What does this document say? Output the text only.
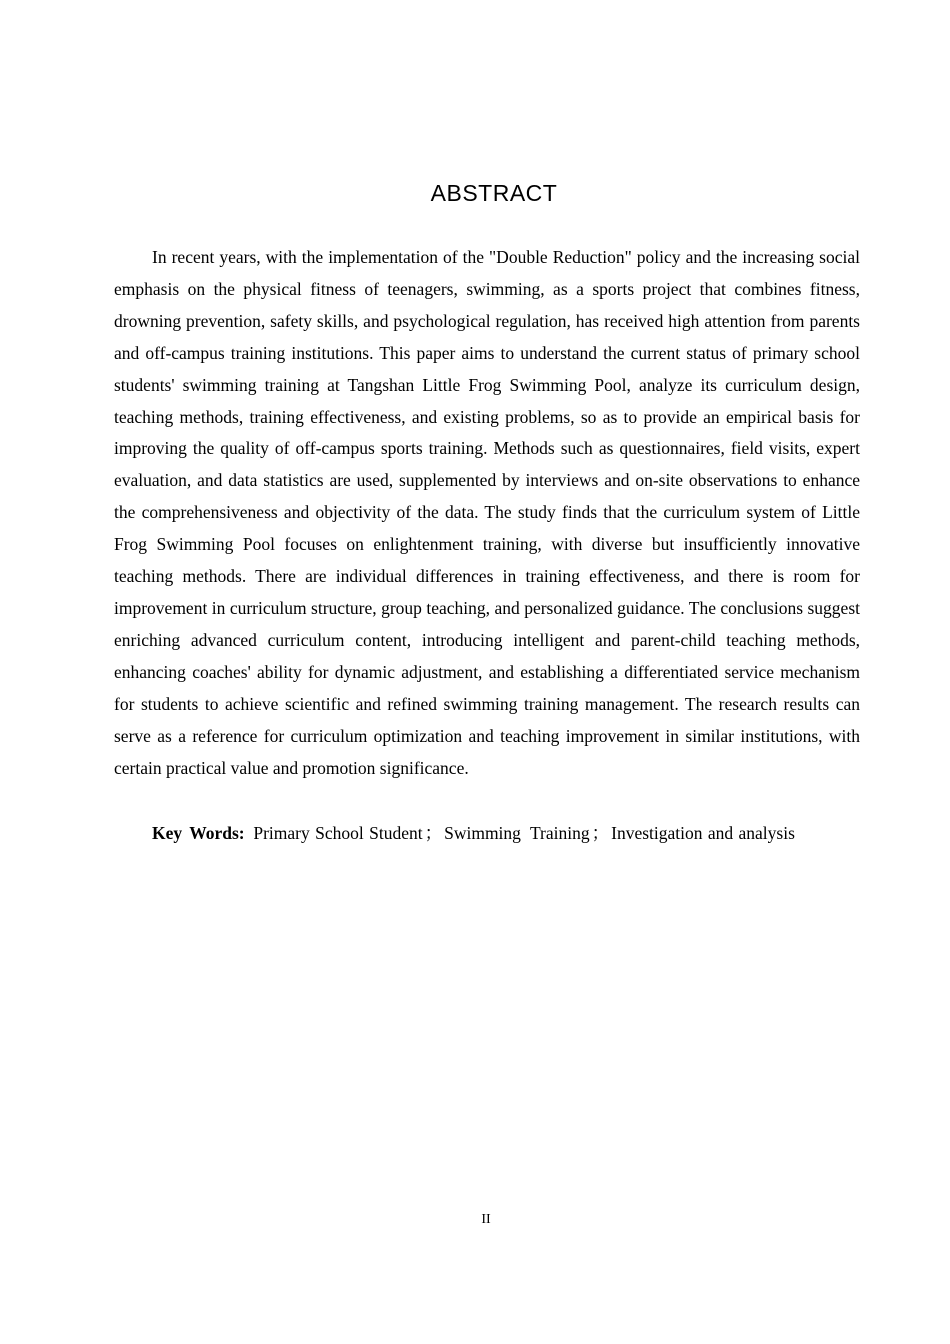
ABSTRACT

In recent years, with the implementation of the "Double Reduction" policy and the increasing social emphasis on the physical fitness of teenagers, swimming, as a sports project that combines fitness, drowning prevention, safety skills, and psychological regulation, has received high attention from parents and off-campus training institutions. This paper aims to understand the current status of primary school students' swimming training at Tangshan Little Frog Swimming Pool, analyze its curriculum design, teaching methods, training effectiveness, and existing problems, so as to provide an empirical basis for improving the quality of off-campus sports training. Methods such as questionnaires, field visits, expert evaluation, and data statistics are used, supplemented by interviews and on-site observations to enhance the comprehensiveness and objectivity of the data. The study finds that the curriculum system of Little Frog Swimming Pool focuses on enlightenment training, with diverse but insufficiently innovative teaching methods. There are individual differences in training effectiveness, and there is room for improvement in curriculum structure, group teaching, and personalized guidance. The conclusions suggest enriching advanced curriculum content, introducing intelligent and parent-child teaching methods, enhancing coaches' ability for dynamic adjustment, and establishing a differentiated service mechanism for students to achieve scientific and refined swimming training management. The research results can serve as a reference for curriculum optimization and teaching improvement in similar institutions, with certain practical value and promotion significance.

Key Words: Primary School Student ； Swimming Training ； Investigation and analysis

II
